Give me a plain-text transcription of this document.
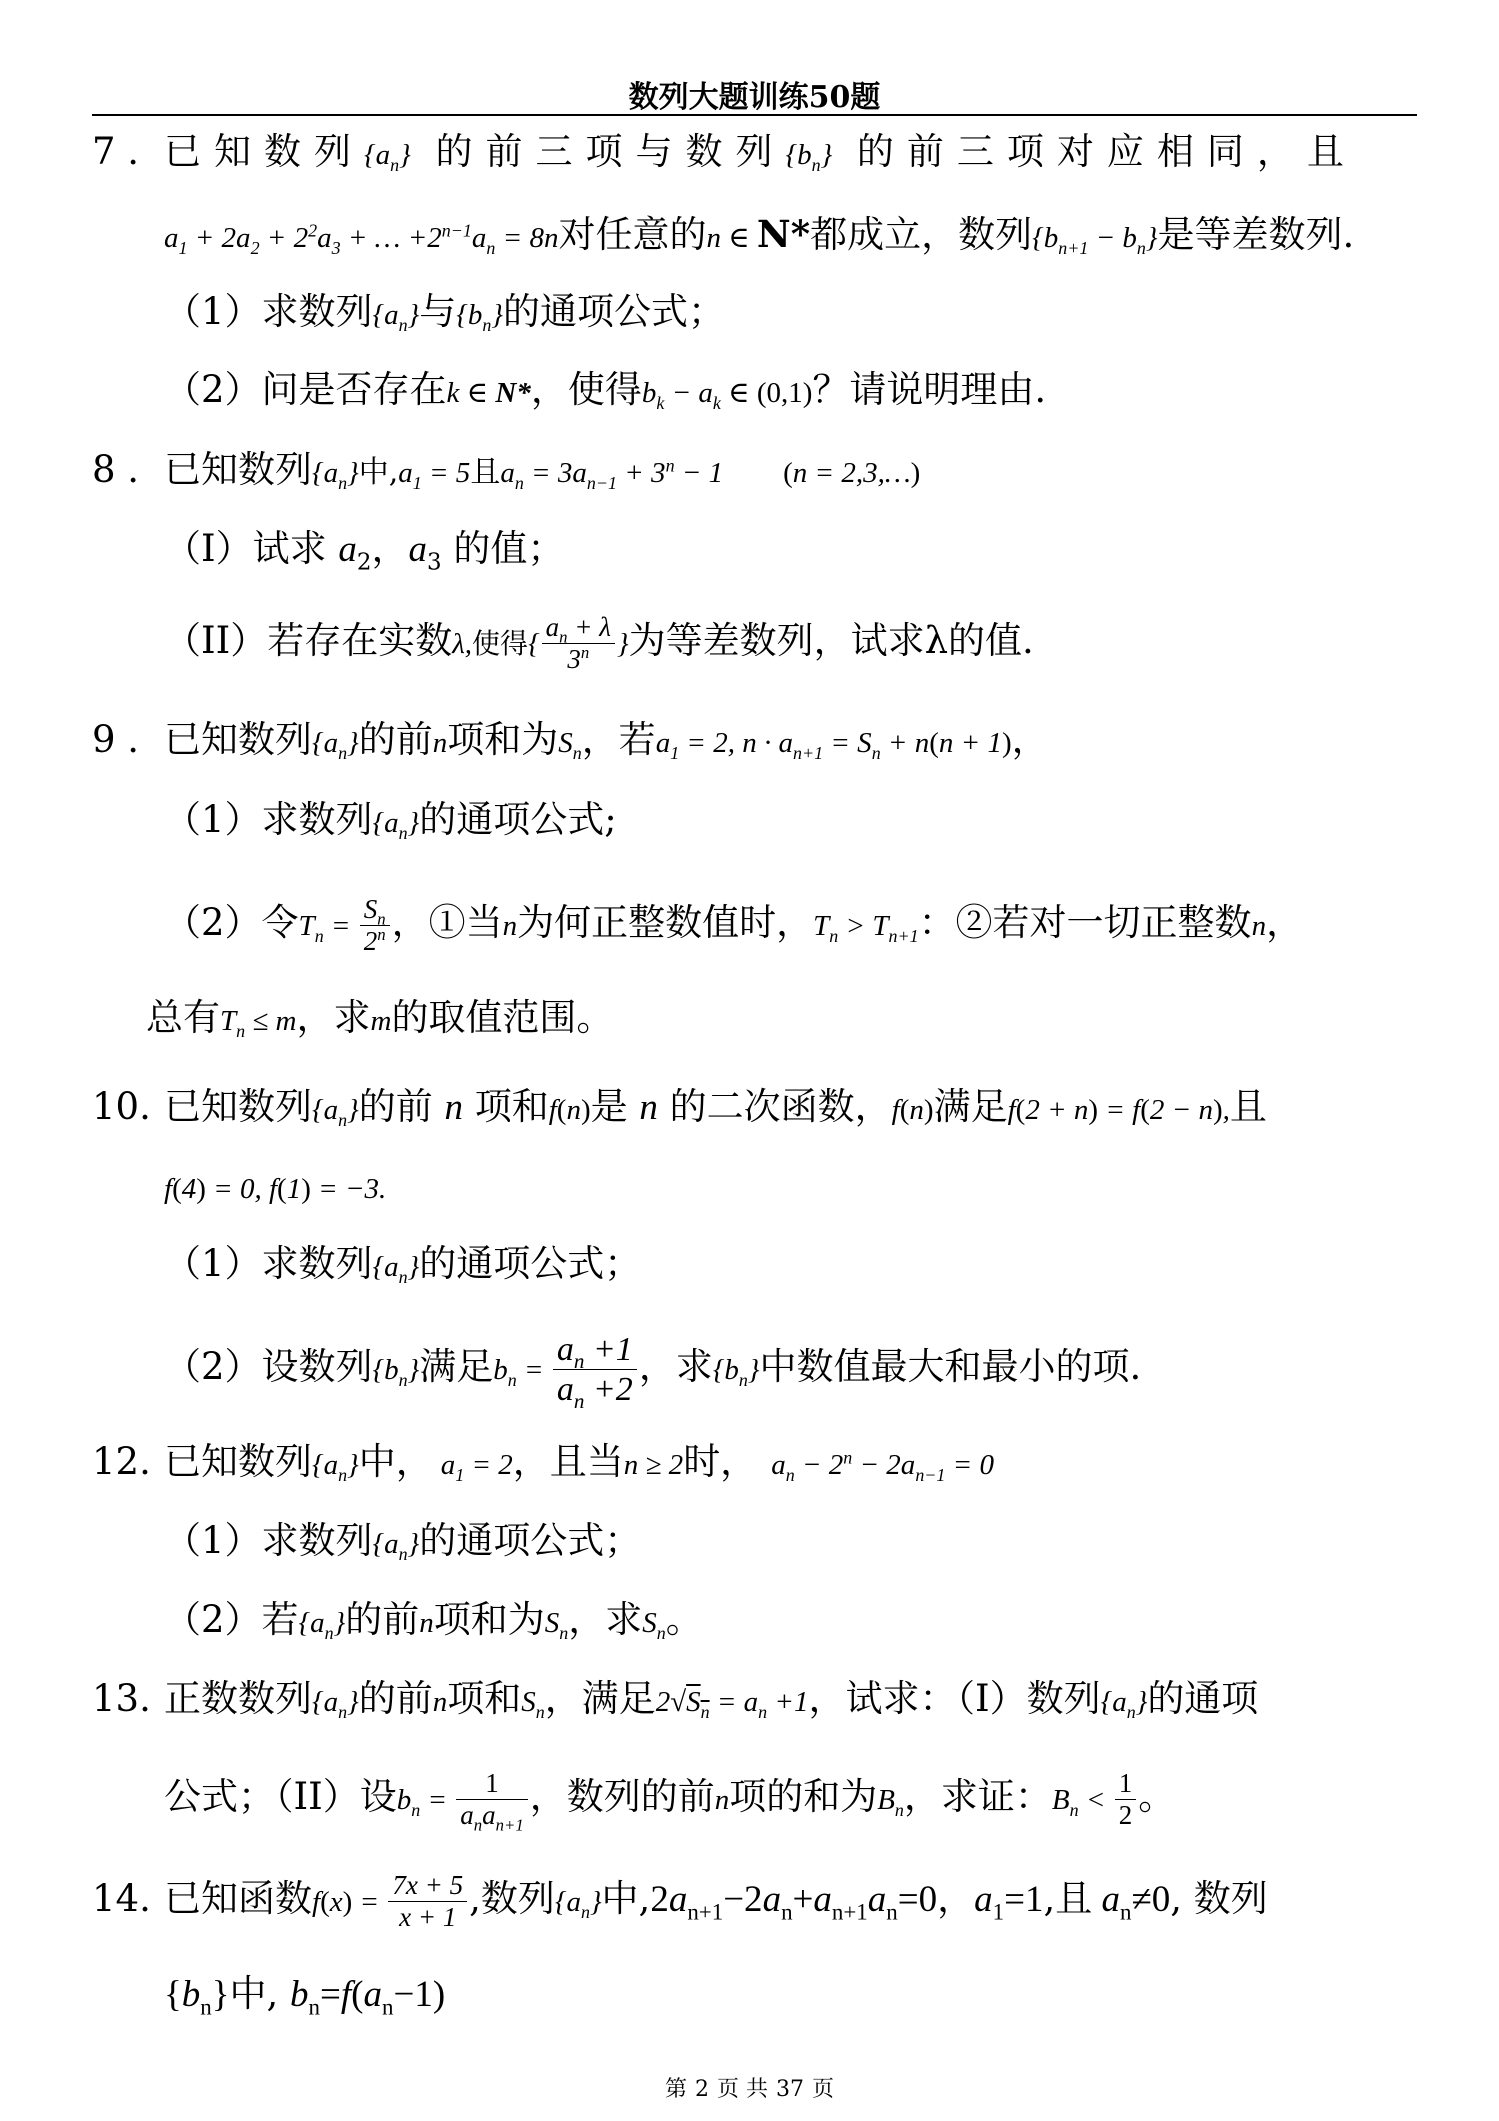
数列大题训练50题
7 . 已知数列$\{a_n\}$ 的前三项与数列$\{b_n\}$ 的前三项对应相同，且
$a_1 + 2a_2 + 2^2a_3$ + … $+2^{n-1}a_n = 8n$对任意的n ∈ N*都成立，数列$\{b_{n+1} - b_n\}$是等差数列.
（1）求数列$\{a_n\}$与$\{b_n\}$的通项公式；
（2）问是否存在k ∈ N*，使得$b_k - a_k$ ∈ (0,1)？请说明理由.
8 . 已知数列$\{a_n\}$中$,a_1 = 5$且$a_n = 3a_{n-1} + 3^n - 1$ (n = 2,3,…)
（I）试求 $a_2$，$a_3$ 的值；
（II）若存在实数λ,使得{ $\frac{a_n + \lambda}{3^n}$ }为等差数列，试求λ的值.
9 . 已知数列$\{a_n\}$的前n项和为$S_n$，若$a_1 = 2$, $n \cdot a_{n+1} = S_n + n(n + 1)$，
（1）求数列$\{a_n\}$的通项公式;
（2）令$T_n = \frac{S_n}{2^n}$ ，①当n为何正整数值时，$T_n > T_{n+1}$：②若对一切正整数n，
总有$T_n \le m$，求m的取值范围。
10. 已知数列$\{a_n\}$的前 n 项和f(n)是 n 的二次函数，f(n)满足f(2 + n) = f(2 − n),且
f(4) = 0, f(1) = −3.
（1）求数列$\{a_n\}$的通项公式；
（2）设数列$\{b_n\}$满足$b_n = \frac{a_n +1}{a_n +2}$ ，求$\{b_n\}$中数值最大和最小的项.
12. 已知数列$\{a_n\}$中， $a_1 = 2$，且当n ≥ 2时， $a_n - 2^n - 2a_{n-1} = 0$
（1）求数列$\{a_n\}$的通项公式；
（2）若$\{a_n\}$的前n项和为$S_n$，求$S_n$。
13. 正数数列$\{a_n\}$的前n项和$S_n$，满足$2√S_n = a_n +1$，试求：（I）数列$\{a_n\}$的通项
公式；（II）设$b_n = \frac{1}{a_na_{n+1}}$ ，数列的前n项的和为$B_n$，求证：$B_n < \frac{1}{2}$ 。
14. 已知函数$f(x) = \frac{7x + 5}{x + 1}$ ,数列$\{a_n\}$中$,2a_{n+1}-2a_n+a_{n+1}a_n=0$，$a_1=1$,且 $a_n\ne 0$, 数列
$\{b_n\}$中, $b_n=f(a_n-1)$
第 2 页 共 37 页
